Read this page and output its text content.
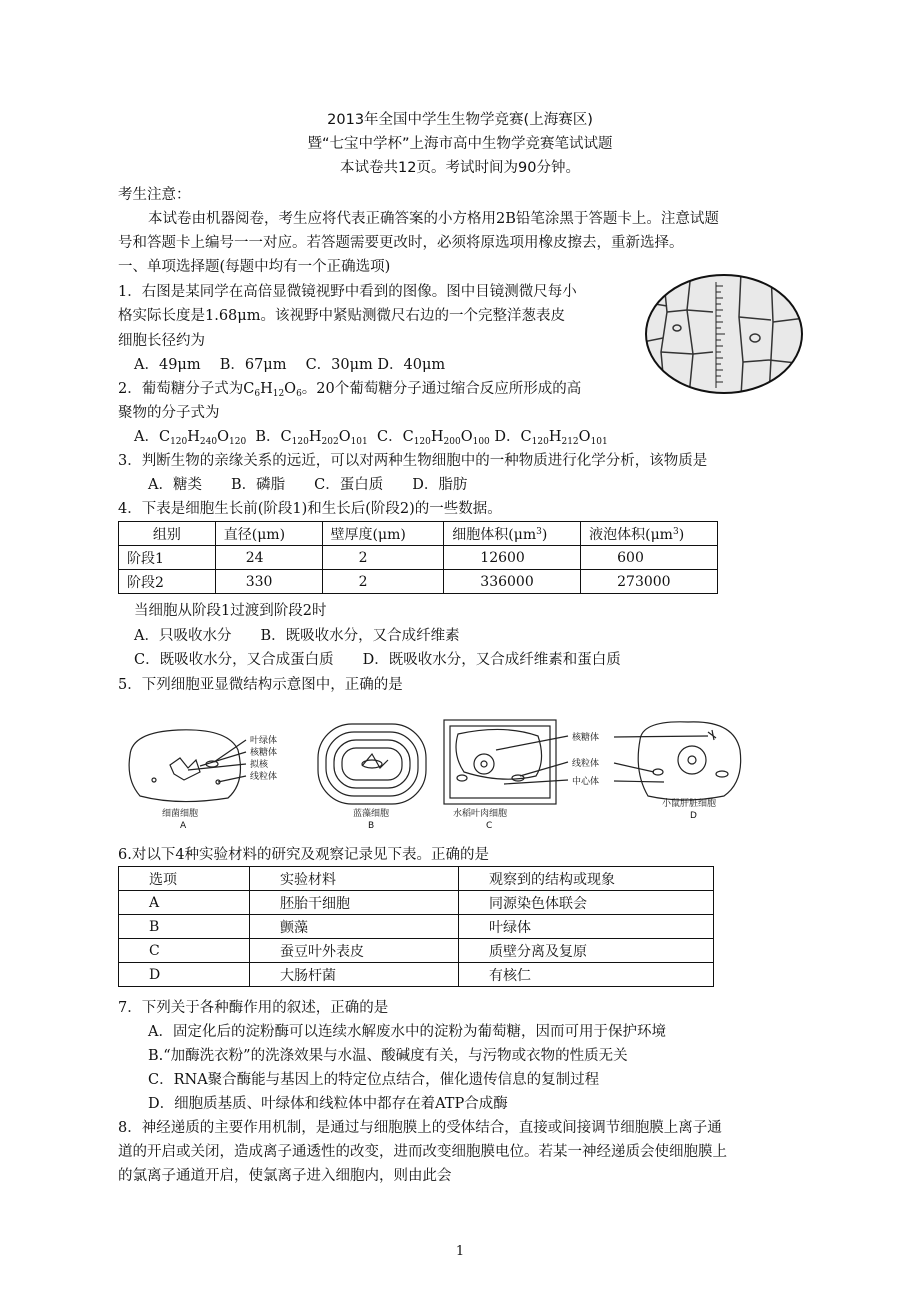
2013年全国中学生生物学竞赛(上海赛区)
暨“七宝中学杯”上海市高中生物学竞赛笔试试题
本试卷共12页。考试时间为90分钟。
考生注意：
本试卷由机器阅卷，考生应将代表正确答案的小方格用2B铅笔涂黑于答题卡上。注意试题
号和答题卡上编号一一对应。若答题需要更改时，必须将原选项用橡皮擦去，重新选择。
一、单项选择题(每题中均有一个正确选项)
1．右图是某同学在高倍显微镜视野中看到的图像。图中目镜测微尺每小
格实际长度是1.68μm。该视野中紧贴测微尺右边的一个完整洋葱表皮
细胞长径约为
A．49μm　 B．67μm　 C．30μm D．40μm
2．葡萄糖分子式为$C_6H_{12}O_6$。20个葡萄糖分子通过缩合反应所形成的高
聚物的分子式为
A．$C_{120}H_{240}O_{120}$ B．$C_{120}H_{202}O_{101}$ C．$C_{120}H_{200}O_{100}$ D．$C_{120}H_{212}O_{101}$
3．判断生物的亲缘关系的远近，可以对两种生物细胞中的一种物质进行化学分析，该物质是
A．糖类　　B．磷脂　　C．蛋白质　　D．脂肪
4．下表是细胞生长前(阶段1)和生长后(阶段2)的一些数据。
组别	直径(μm)	壁厚度(μm)	细胞体积$(\mu m^3)$	液泡体积$(\mu m^3)$
阶段1	24	2	12600	600
阶段2	330	2	336000	273000
当细胞从阶段1过渡到阶段2时
A．只吸收水分　　B．既吸收水分，又合成纤维素
C．既吸收水分，又合成蛋白质　　D．既吸收水分，又合成纤维素和蛋白质
5．下列细胞亚显微结构示意图中，正确的是
叶绿体
核糖体
拟核
线粒体
细菌细胞
A
蓝藻细胞
B
水稻叶肉细胞
C
核糖体
线粒体
中心体
小鼠肝脏细胞
D
6.对以下4种实验材料的研究及观察记录见下表。正确的是
选项	实验材料	观察到的结构或现象
A	胚胎干细胞	同源染色体联会
B	颤藻	叶绿体
C	蚕豆叶外表皮	质壁分离及复原
D	大肠杆菌	有核仁
7．下列关于各种酶作用的叙述，正确的是
A．固定化后的淀粉酶可以连续水解废水中的淀粉为葡萄糖，因而可用于保护环境
B.“加酶洗衣粉”的洗涤效果与水温、酸碱度有关，与污物或衣物的性质无关
C．RNA聚合酶能与基因上的特定位点结合，催化遗传信息的复制过程
D．细胞质基质、叶绿体和线粒体中都存在着ATP合成酶
8．神经递质的主要作用机制，是通过与细胞膜上的受体结合，直接或间接调节细胞膜上离子通
道的开启或关闭，造成离子通透性的改变，进而改变细胞膜电位。若某一神经递质会使细胞膜上
的氯离子通道开启，使氯离子进入细胞内，则由此会
1
